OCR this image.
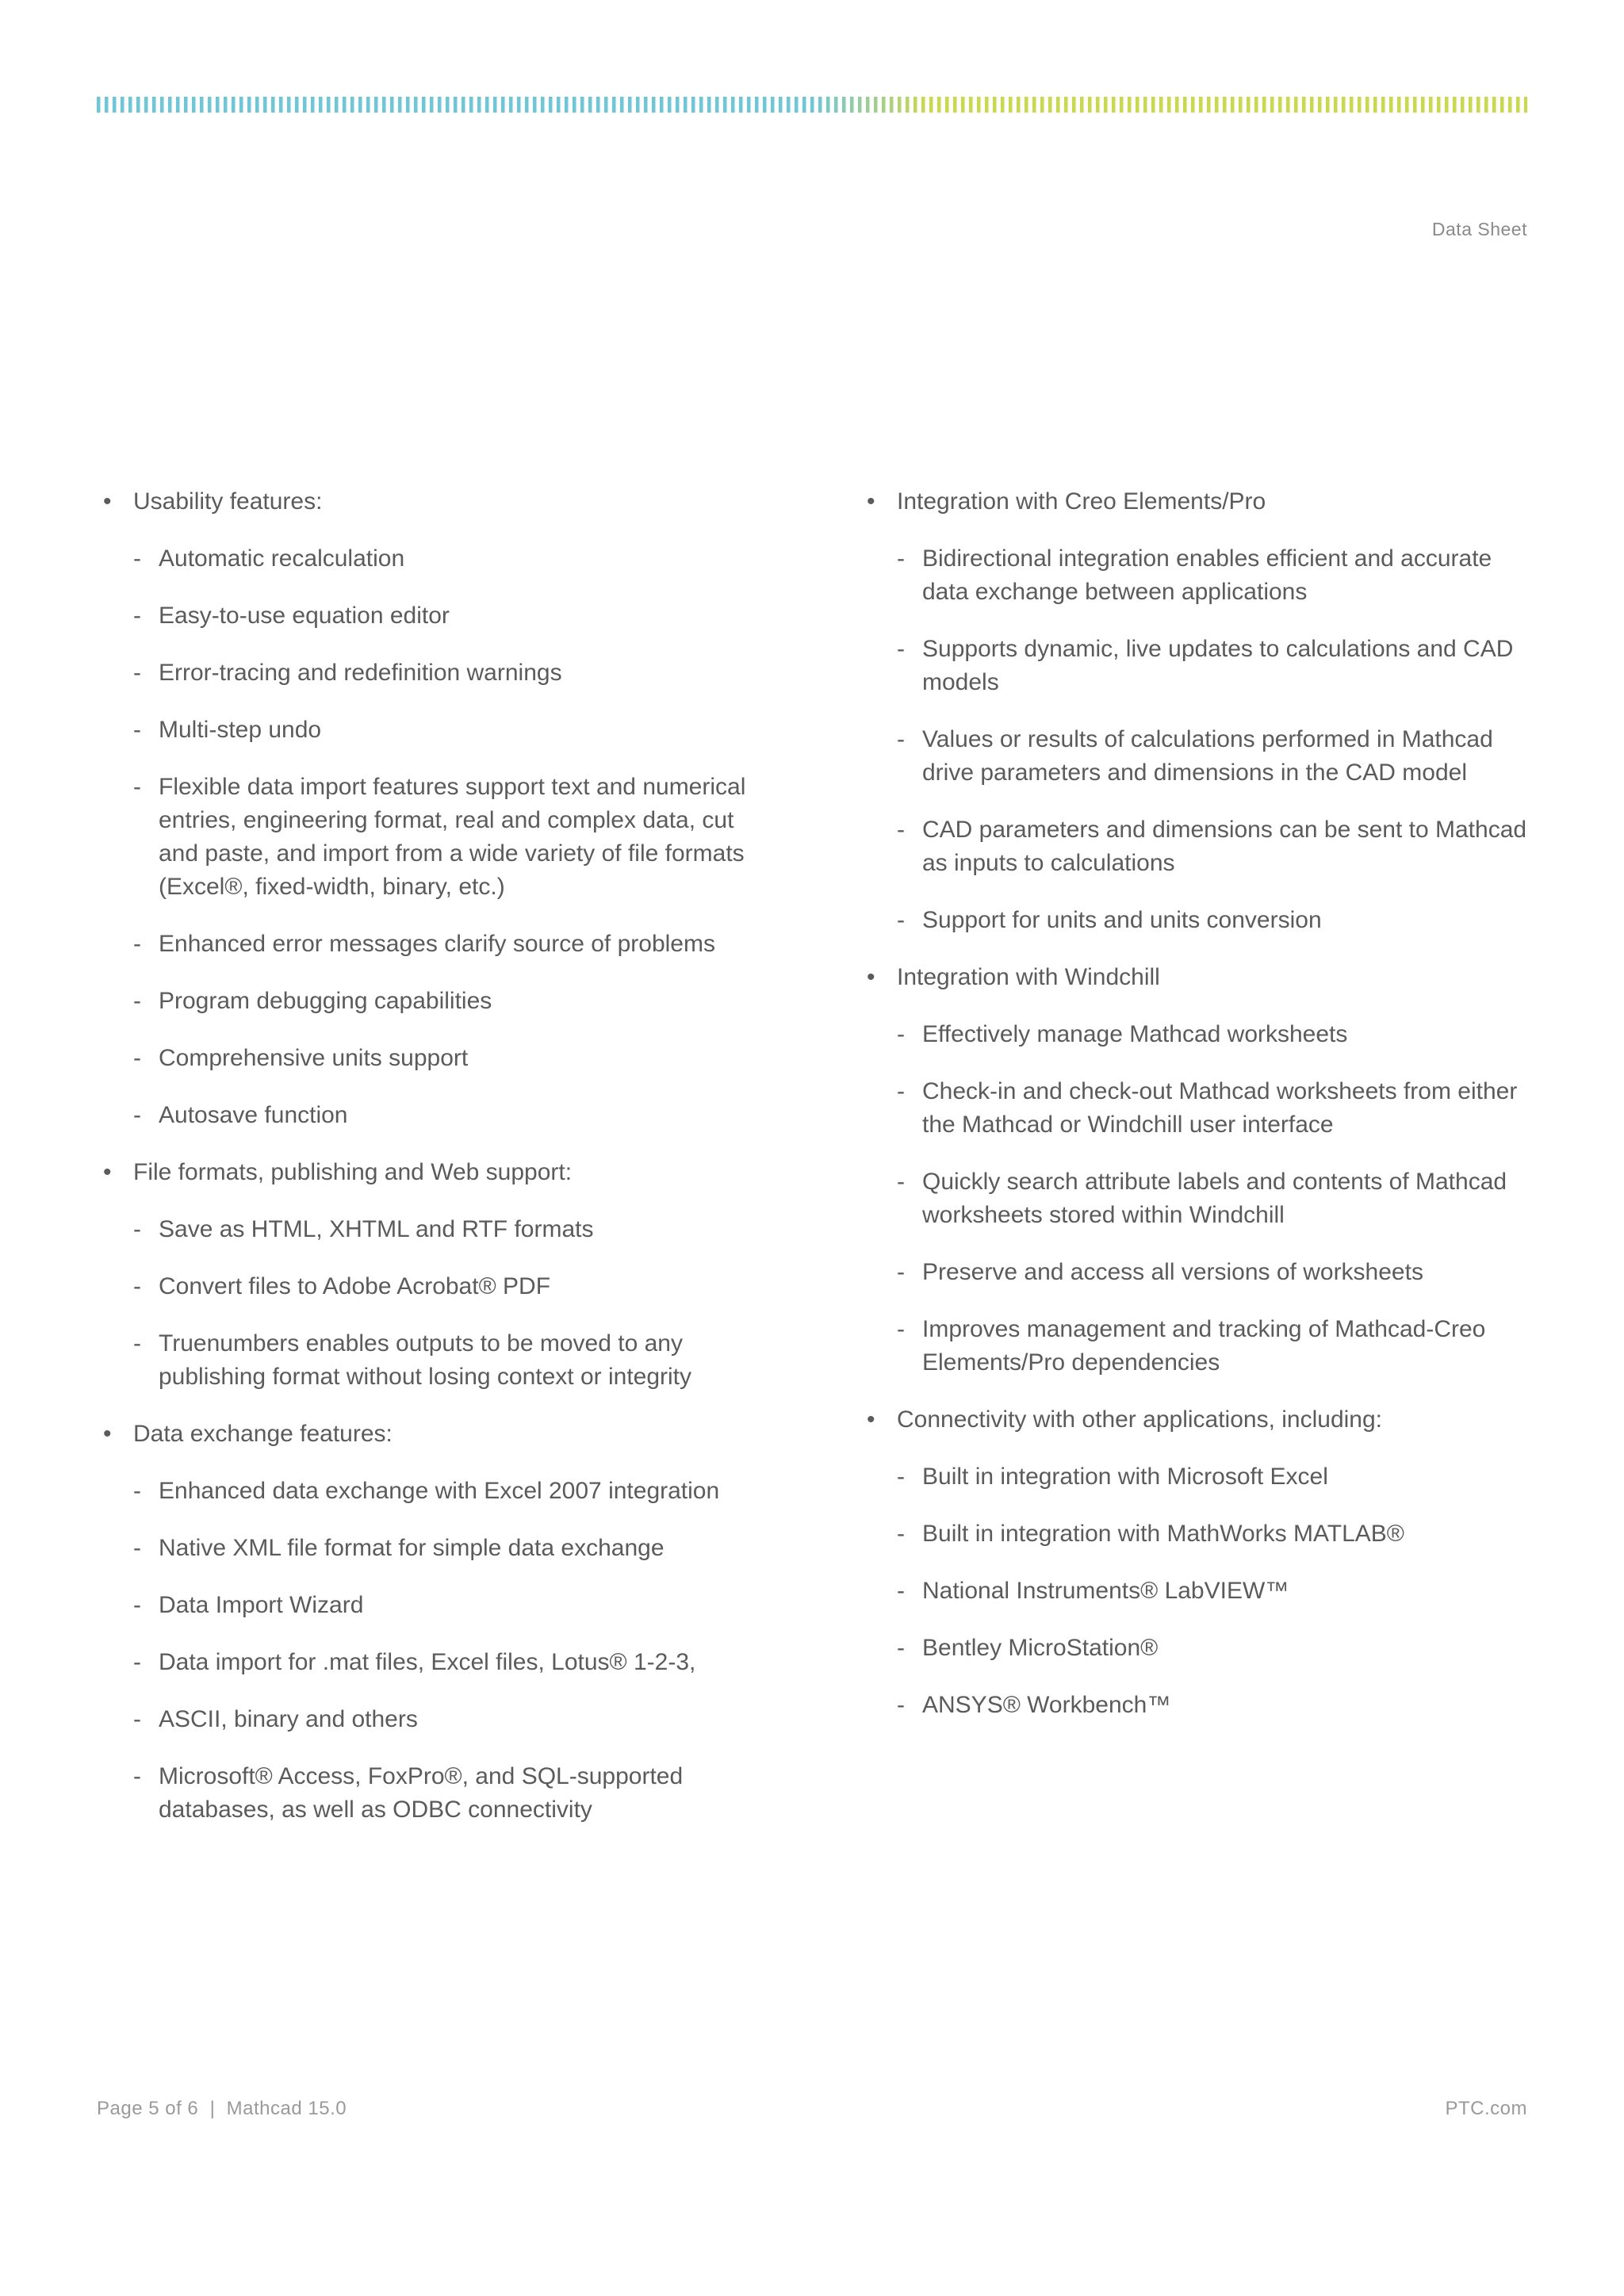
Data Sheet
• Usability features:
- Automatic recalculation
- Easy-to-use equation editor
- Error-tracing and redefinition warnings
- Multi-step undo
- Flexible data import features support text and numerical entries, engineering format, real and complex data, cut and paste, and import from a wide variety of file formats (Excel®, fixed-width, binary, etc.)
- Enhanced error messages clarify source of problems
- Program debugging capabilities
- Comprehensive units support
- Autosave function
• File formats, publishing and Web support:
- Save as HTML, XHTML and RTF formats
- Convert files to Adobe Acrobat® PDF
- Truenumbers enables outputs to be moved to any publishing format without losing context or integrity
• Data exchange features:
- Enhanced data exchange with Excel 2007 integration
- Native XML file format for simple data exchange
- Data Import Wizard
- Data import for .mat files, Excel files, Lotus® 1-2-3,
- ASCII, binary and others
- Microsoft® Access, FoxPro®, and SQL-supported databases, as well as ODBC connectivity
• Integration with Creo Elements/Pro
- Bidirectional integration enables efficient and accurate data exchange between applications
- Supports dynamic, live updates to calculations and CAD models
- Values or results of calculations performed in Mathcad drive parameters and dimensions in the CAD model
- CAD parameters and dimensions can be sent to Mathcad as inputs to calculations
- Support for units and units conversion
• Integration with Windchill
- Effectively manage Mathcad worksheets
- Check-in and check-out Mathcad worksheets from either the Mathcad or Windchill user interface
- Quickly search attribute labels and contents of Mathcad worksheets stored within Windchill
- Preserve and access all versions of worksheets
- Improves management and tracking of Mathcad-Creo Elements/Pro dependencies
• Connectivity with other applications, including:
- Built in integration with Microsoft Excel
- Built in integration with MathWorks MATLAB®
- National Instruments® LabVIEW™
- Bentley MicroStation®
- ANSYS® Workbench™
Page 5 of 6  |  Mathcad 15.0	PTC.com
